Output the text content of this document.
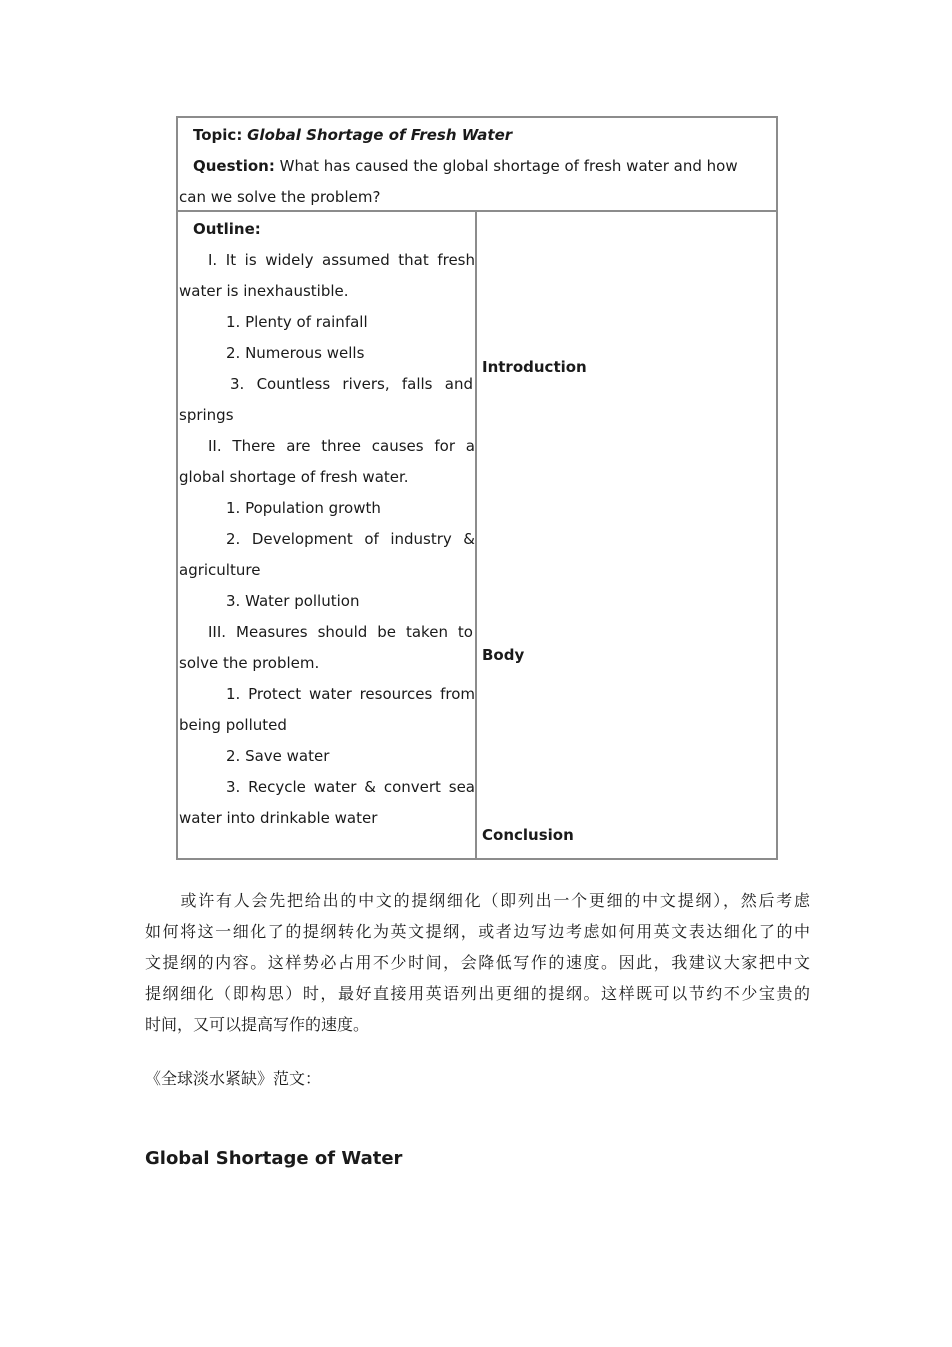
Topic: Global Shortage of Fresh Water
Question: What has caused the global shortage of fresh water and how
can we solve the problem?
Outline:
I. It is widely assumed that fresh
water is inexhaustible.
1. Plenty of rainfall
2. Numerous wells
3. Countless rivers, falls and
springs
II. There are three causes for a
global shortage of fresh water.
1. Population growth
2. Development of industry &
agriculture
3. Water pollution
III. Measures should be taken to
solve the problem.
1. Protect water resources from
being polluted
2. Save water
3. Recycle water & convert sea
water into drinkable water
Introduction
Body
Conclusion
　　或许有人会先把给出的中文的提纲细化（即列出一个更细的中文提纲），然后考虑
如何将这一细化了的提纲转化为英文提纲，或者边写边考虑如何用英文表达细化了的中
文提纲的内容。这样势必占用不少时间，会降低写作的速度。因此，我建议大家把中文
提纲细化（即构思）时，最好直接用英语列出更细的提纲。这样既可以节约不少宝贵的
时间，又可以提高写作的速度。
《全球淡水紧缺》范文：
Global Shortage of Water
